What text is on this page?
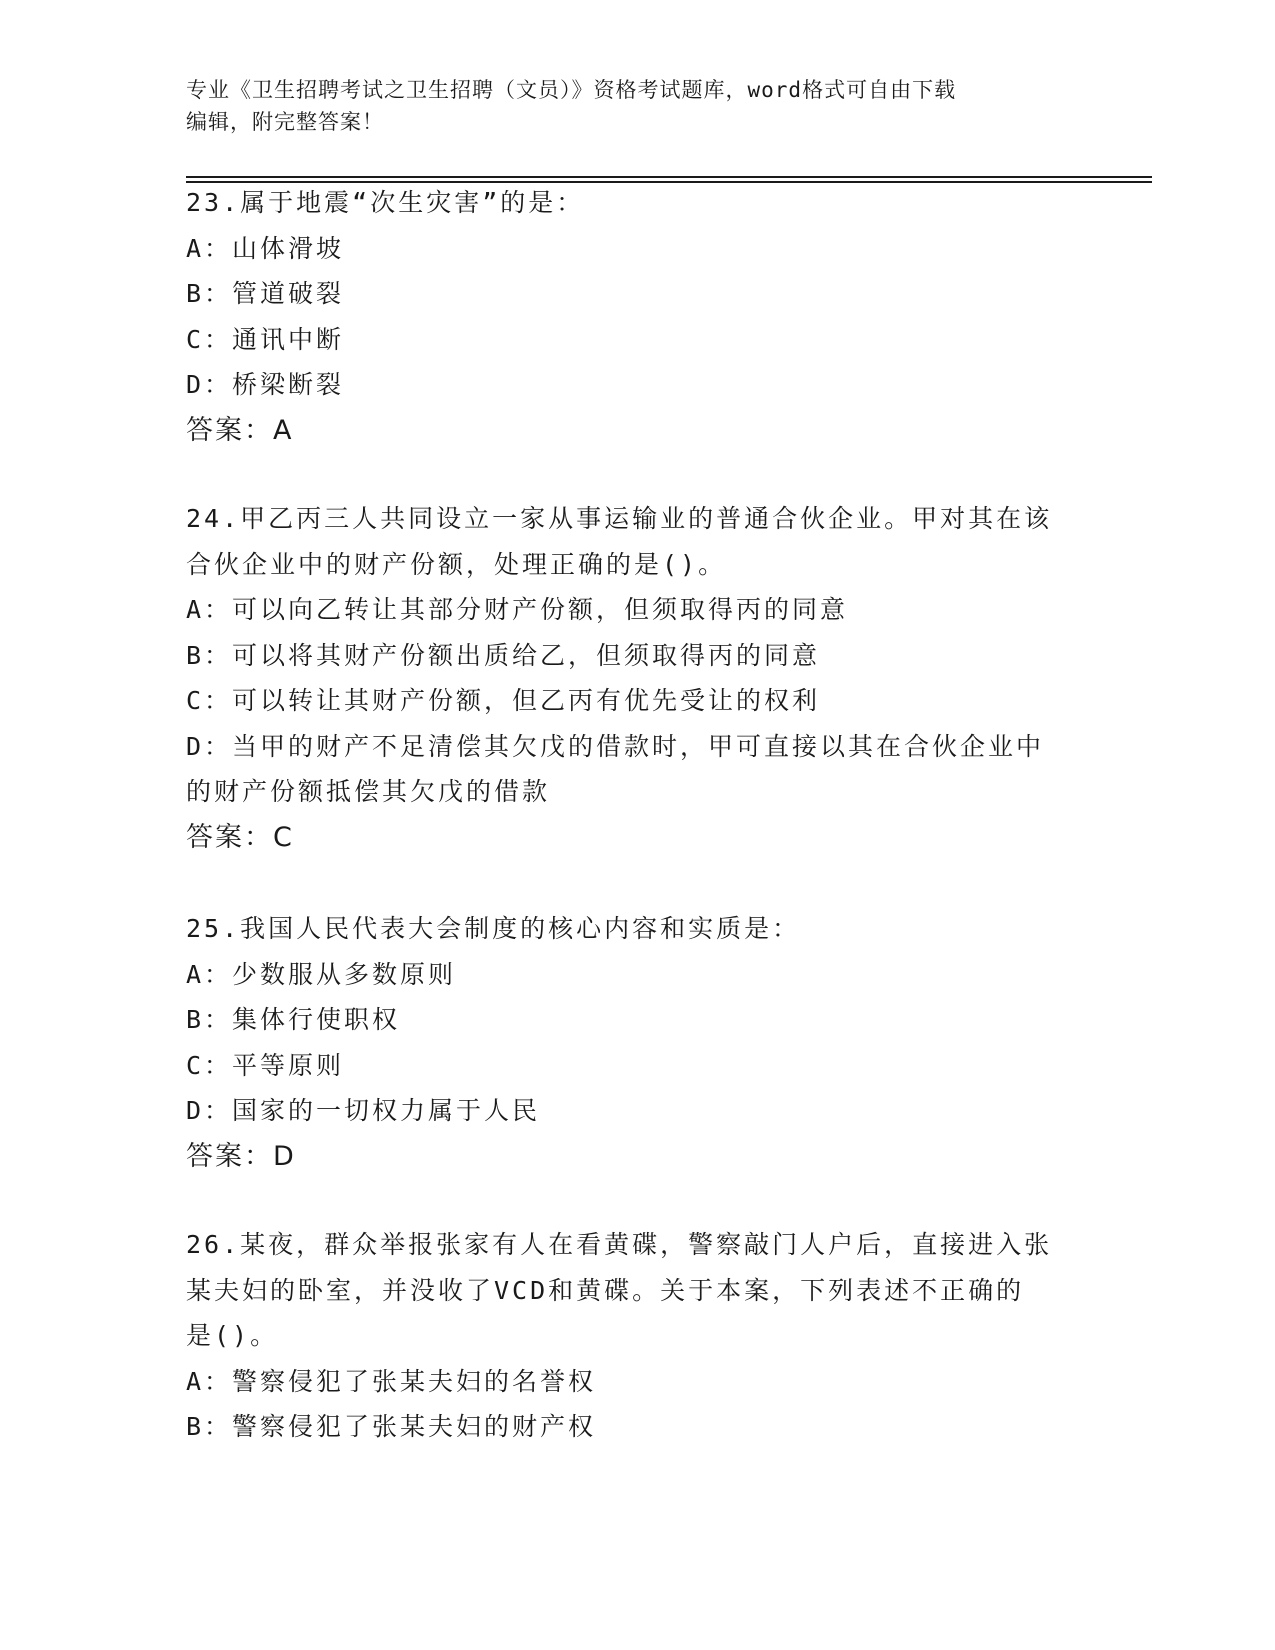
专业《卫生招聘考试之卫生招聘（文员）》资格考试题库，word格式可自由下载
编辑，附完整答案！
23.属于地震“次生灾害”的是：
A：山体滑坡
B：管道破裂
C：通讯中断
D：桥梁断裂
答案：A
24.甲乙丙三人共同设立一家从事运输业的普通合伙企业。甲对其在该
合伙企业中的财产份额，处理正确的是()。
A：可以向乙转让其部分财产份额，但须取得丙的同意
B：可以将其财产份额出质给乙，但须取得丙的同意
C：可以转让其财产份额，但乙丙有优先受让的权利
D：当甲的财产不足清偿其欠戊的借款时，甲可直接以其在合伙企业中
的财产份额抵偿其欠戊的借款
答案：C
25.我国人民代表大会制度的核心内容和实质是：
A：少数服从多数原则
B：集体行使职权
C：平等原则
D：国家的一切权力属于人民
答案：D
26.某夜，群众举报张家有人在看黄碟，警察敲门人户后，直接进入张
某夫妇的卧室，并没收了VCD和黄碟。关于本案，下列表述不正确的
是()。
A：警察侵犯了张某夫妇的名誉权
B：警察侵犯了张某夫妇的财产权
